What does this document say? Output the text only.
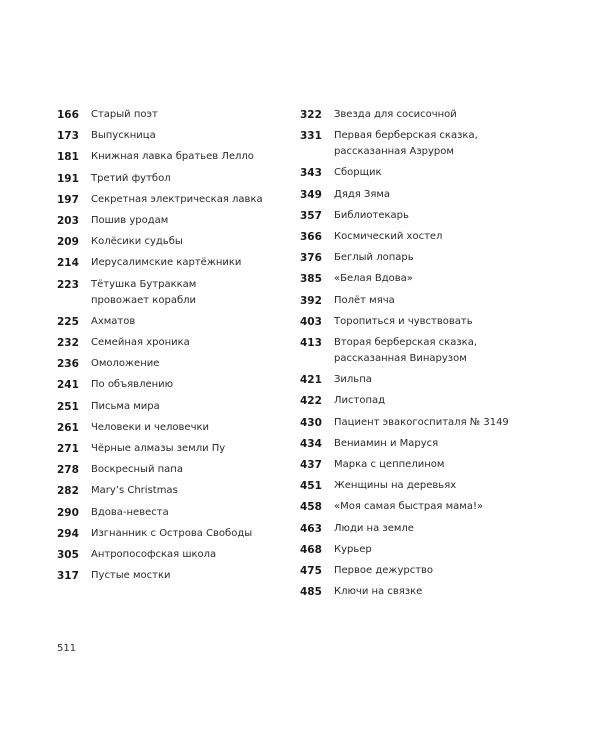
166	Старый поэт
173	Выпускница
181	Книжная лавка братьев Лелло
191	Третий футбол
197	Секретная электрическая лавка
203	Пошив уродам
209	Колёсики судьбы
214	Иерусалимские картёжники
223	Тётушка Бутраккам
провожает корабли
225	Ахматов
232	Семейная хроника
236	Омоложение
241	По объявлению
251	Письма мира
261	Человеки и человечки
271	Чёрные алмазы земли Пу
278	Воскресный папа
282	Mary’s Christmas
290	Вдова-невеста
294	Изгнанник с Острова Свободы
305	Антропософская школа
317	Пустые мостки
322	Звезда для сосисочной
331	Первая берберская сказка,
рассказанная Азруром
343	Сборщик
349	Дядя Зяма
357	Библиотекарь
366	Космический хостел
376	Беглый лопарь
385	«Белая Вдова»
392	Полёт мяча
403	Торопиться и чувствовать
413	Вторая берберская сказка,
рассказанная Винарузом
421	Зильпа
422	Листопад
430	Пациент эвакогоспиталя № 3149
434	Вениамин и Маруся
437	Марка с цеппелином
451	Женщины на деревьях
458	«Моя самая быстрая мама!»
463	Люди на земле
468	Курьер
475	Первое дежурство
485	Ключи на связке
511
